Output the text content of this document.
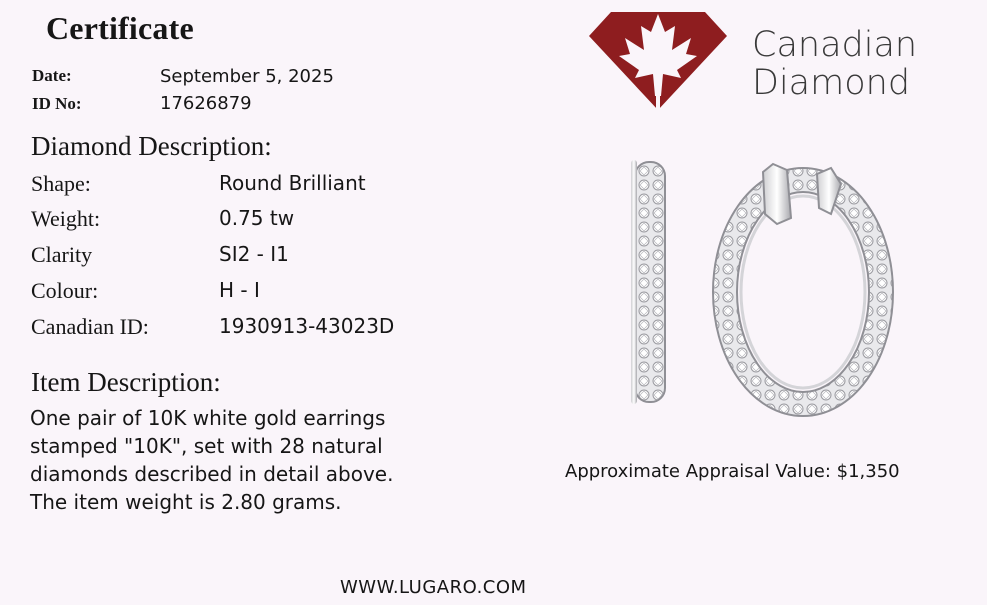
Certificate
Date:	September 5, 2025
ID No:	17626879
Diamond Description:
Shape:	Round Brilliant
Weight:	0.75 tw
Clarity	SI2 - I1
Colour:	H - I
Canadian ID:	1930913-43023D
Item Description:
One pair of 10K white gold earrings
stamped "10K", set with 28 natural
diamonds described in detail above.
The item weight is 2.80 grams.
Canadian
Diamond
Approximate Appraisal Value: $1,350
WWW.LUGARO.COM
